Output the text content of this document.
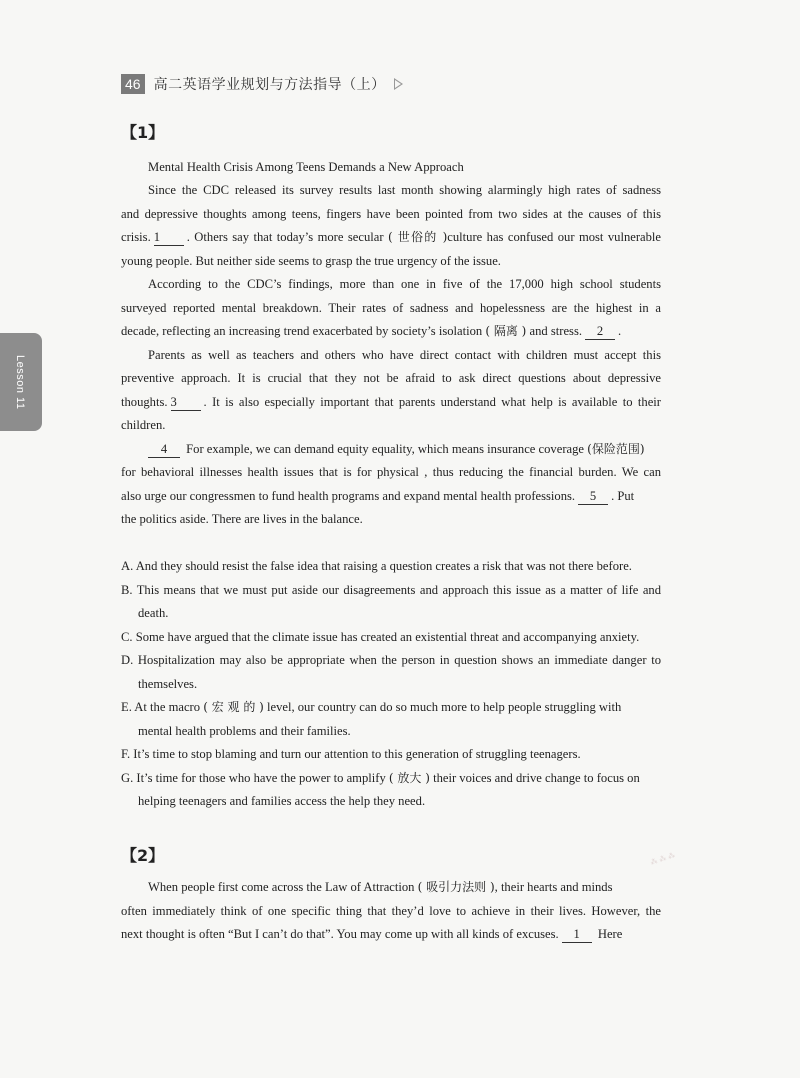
46 高二英语学业规划与方法指导（上）
Lesson 11
【1】
Mental Health Crisis Among Teens Demands a New Approach
Since the CDC released its survey results last month showing alarmingly high rates of sadness
and depressive thoughts among teens, fingers have been pointed from two sides at the causes of this
crisis. 1 . Others say that today’s more secular ( 世俗的 )culture has confused our most vulnerable
young people. But neither side seems to grasp the true urgency of the issue.
According to the CDC’s findings, more than one in five of the 17,000 high school students
surveyed reported mental breakdown. Their rates of sadness and hopelessness are the highest in a
decade, reflecting an increasing trend exacerbated by society’s isolation ( 隔离 ) and stress. 2 .
Parents as well as teachers and others who have direct contact with children must accept this
preventive approach. It is crucial that they not be afraid to ask direct questions about depressive
thoughts. 3 . It is also especially important that parents understand what help is available to their
children.
4 For example, we can demand equity equality, which means insurance coverage (保险范围)
for behavioral illnesses health issues that is for physical , thus reducing the financial burden. We can
also urge our congressmen to fund health programs and expand mental health professions. 5 . Put
the politics aside. There are lives in the balance.
A. And they should resist the false idea that raising a question creates a risk that was not there before.
B. This means that we must put aside our disagreements and approach this issue as a matter of life and
death.
C. Some have argued that the climate issue has created an existential threat and accompanying anxiety.
D. Hospitalization may also be appropriate when the person in question shows an immediate danger to
themselves.
E. At the macro ( 宏 观 的 ) level, our country can do so much more to help people struggling with
mental health problems and their families.
F. It’s time to stop blaming and turn our attention to this generation of struggling teenagers.
G. It’s time for those who have the power to amplify ( 放大 ) their voices and drive change to focus on
helping teenagers and families access the help they need.
【2】
When people first come across the Law of Attraction ( 吸引力法则 ), their hearts and minds
often immediately think of one specific thing that they’d love to achieve in their lives. However, the
next thought is often “But I can’t do that”. You may come up with all kinds of excuses. 1 Here
⁂ ⁂ ⁂
